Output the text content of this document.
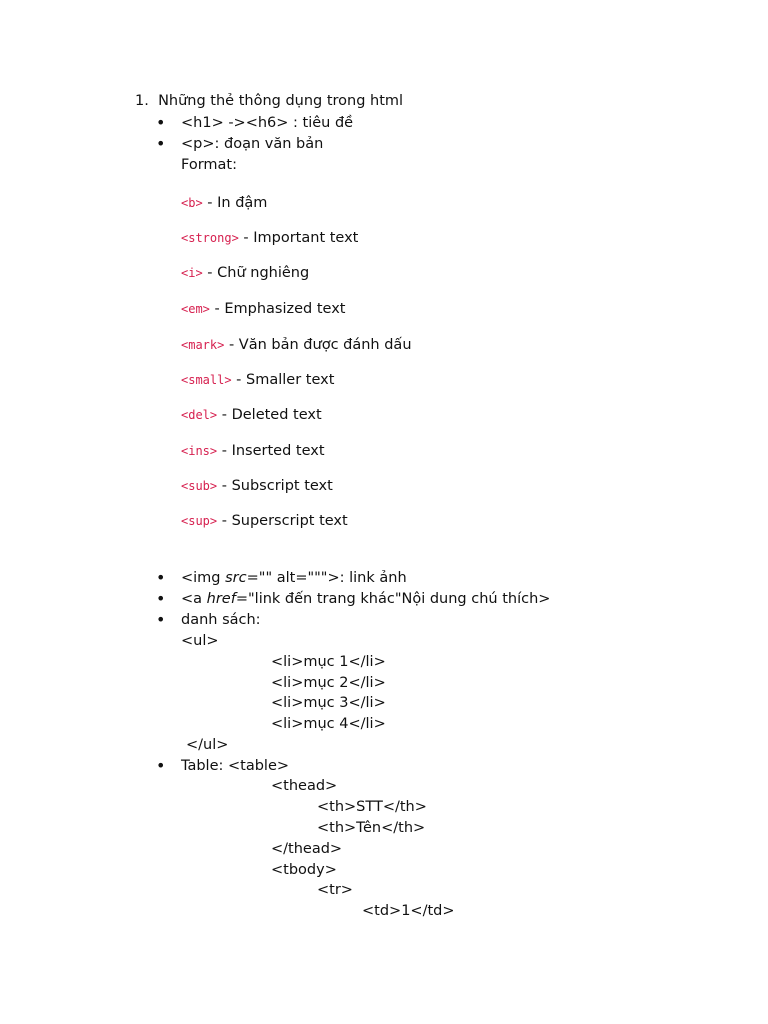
1. Những thẻ thông dụng trong html
• <h1> -><h6> : tiêu đề
• <p>: đoạn văn bản
Format:
<b> - In đậm
<strong> - Important text
<i> - Chữ nghiêng
<em> - Emphasized text
<mark> - Văn bản được đánh dấu
<small> - Smaller text
<del> - Deleted text
<ins> - Inserted text
<sub> - Subscript text
<sup> - Superscript text
• <img src="" alt=""">: link ảnh
• <a href="link đến trang khác"Nội dung chú thích>
• danh sách:
<ul>
<li>mục 1</li>
<li>mục 2</li>
<li>mục 3</li>
<li>mục 4</li>
</ul>
• Table: <table>
<thead>
<th>STT</th>
<th>Tên</th>
</thead>
<tbody>
<tr>
<td>1</td>
